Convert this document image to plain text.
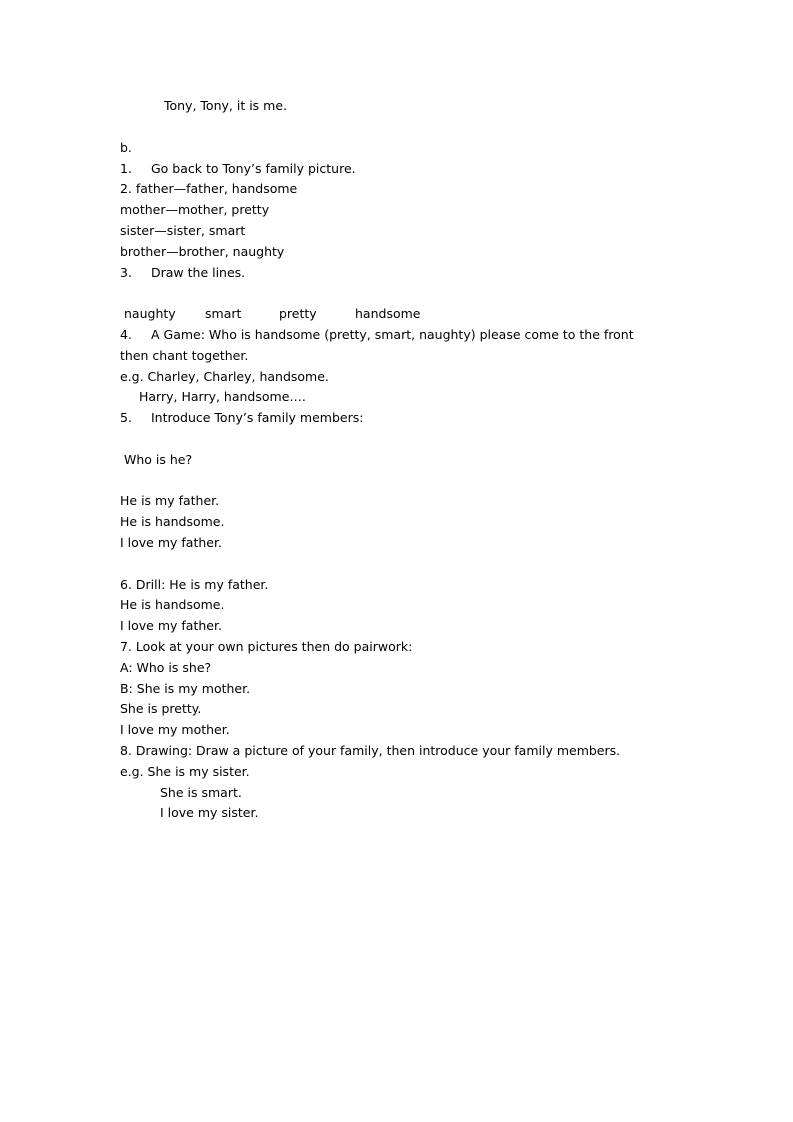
Tony, Tony, it is me.
b.
1. Go back to Tony’s family picture.
2. father—father, handsome
mother—mother, pretty
sister—sister, smart
brother—brother, naughty
3. Draw the lines.
naughty smart	pretty	handsome
4. A Game: Who is handsome (pretty, smart, naughty) please come to the front
then chant together.
e.g. Charley, Charley, handsome.
Harry, Harry, handsome….
5. Introduce Tony’s family members:
Who is he?
He is my father.
He is handsome.
I love my father.
6. Drill: He is my father.
He is handsome.
I love my father.
7. Look at your own pictures then do pairwork:
A: Who is she?
B: She is my mother.
She is pretty.
I love my mother.
8. Drawing: Draw a picture of your family, then introduce your family members.
e.g. She is my sister.
She is smart.
I love my sister.
